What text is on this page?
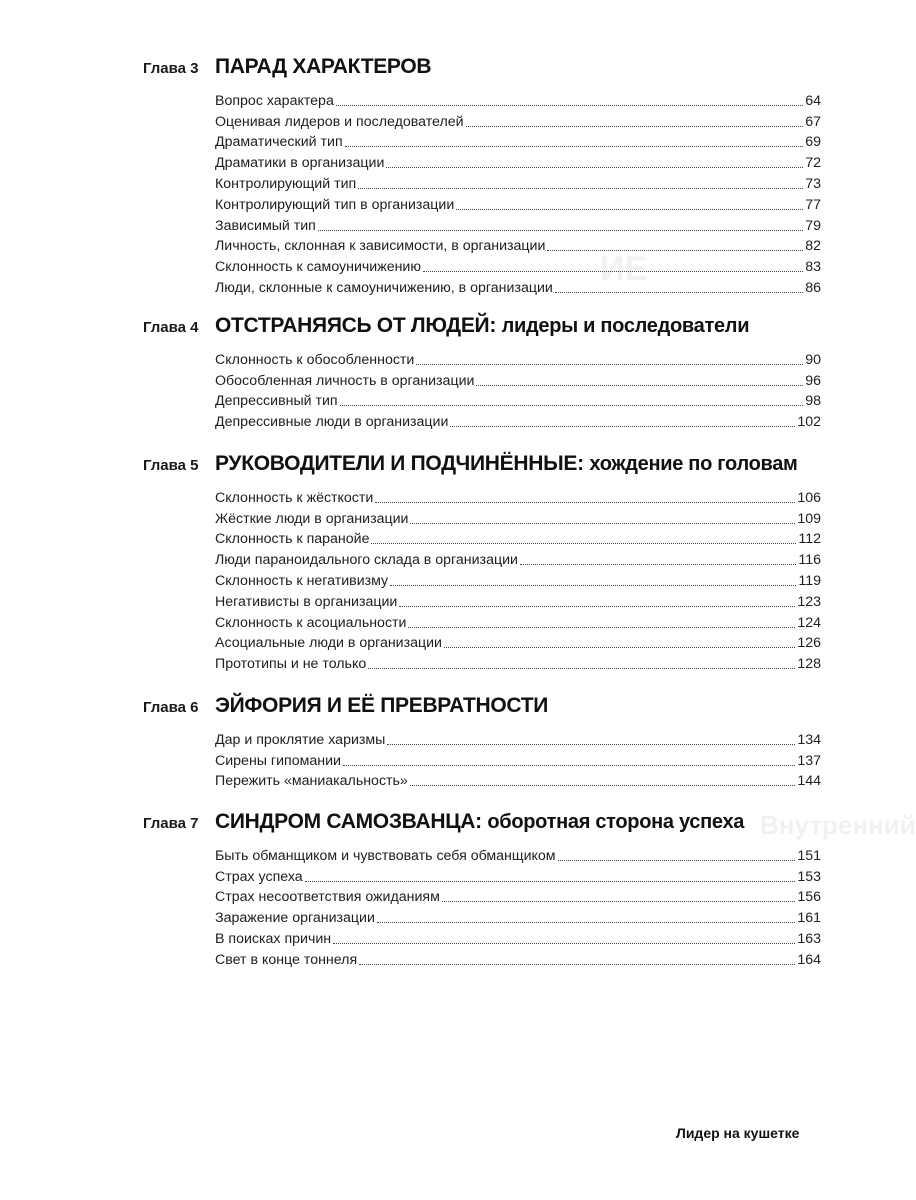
ИЕ
Внутренний
Глава 3 ПАРАД ХАРАКТЕРОВ
Вопрос характера	64
Оценивая лидеров и последователей	67
Драматический тип	69
Драматики в организации	72
Контролирующий тип	73
Контролирующий тип в организации	77
Зависимый тип	79
Личность, склонная к зависимости, в организации	82
Склонность к самоуничижению	83
Люди, склонные к самоуничижению, в организации	86
Глава 4 ОТСТРАНЯЯСЬ ОТ ЛЮДЕЙ: лидеры и последователи
Склонность к обособленности	90
Обособленная личность в организации	96
Депрессивный тип	98
Депрессивные люди в организации	102
Глава 5 РУКОВОДИТЕЛИ И ПОДЧИНЁННЫЕ: хождение по головам
Склонность к жёсткости	106
Жёсткие люди в организации	109
Склонность к паранойе	112
Люди параноидального склада в организации	116
Склонность к негативизму	119
Негативисты в организации	123
Склонность к асоциальности	124
Асоциальные люди в организации	126
Прототипы и не только	128
Глава 6 ЭЙФОРИЯ И ЕЁ ПРЕВРАТНОСТИ
Дар и проклятие харизмы	134
Сирены гипомании	137
Пережить «маниакальность»	144
Глава 7 СИНДРОМ САМОЗВАНЦА: оборотная сторона успеха
Быть обманщиком и чувствовать себя обманщиком	151
Страх успеха	153
Страх несоответствия ожиданиям	156
Заражение организации	161
В поисках причин	163
Свет в конце тоннеля	164
Лидер на кушетке
